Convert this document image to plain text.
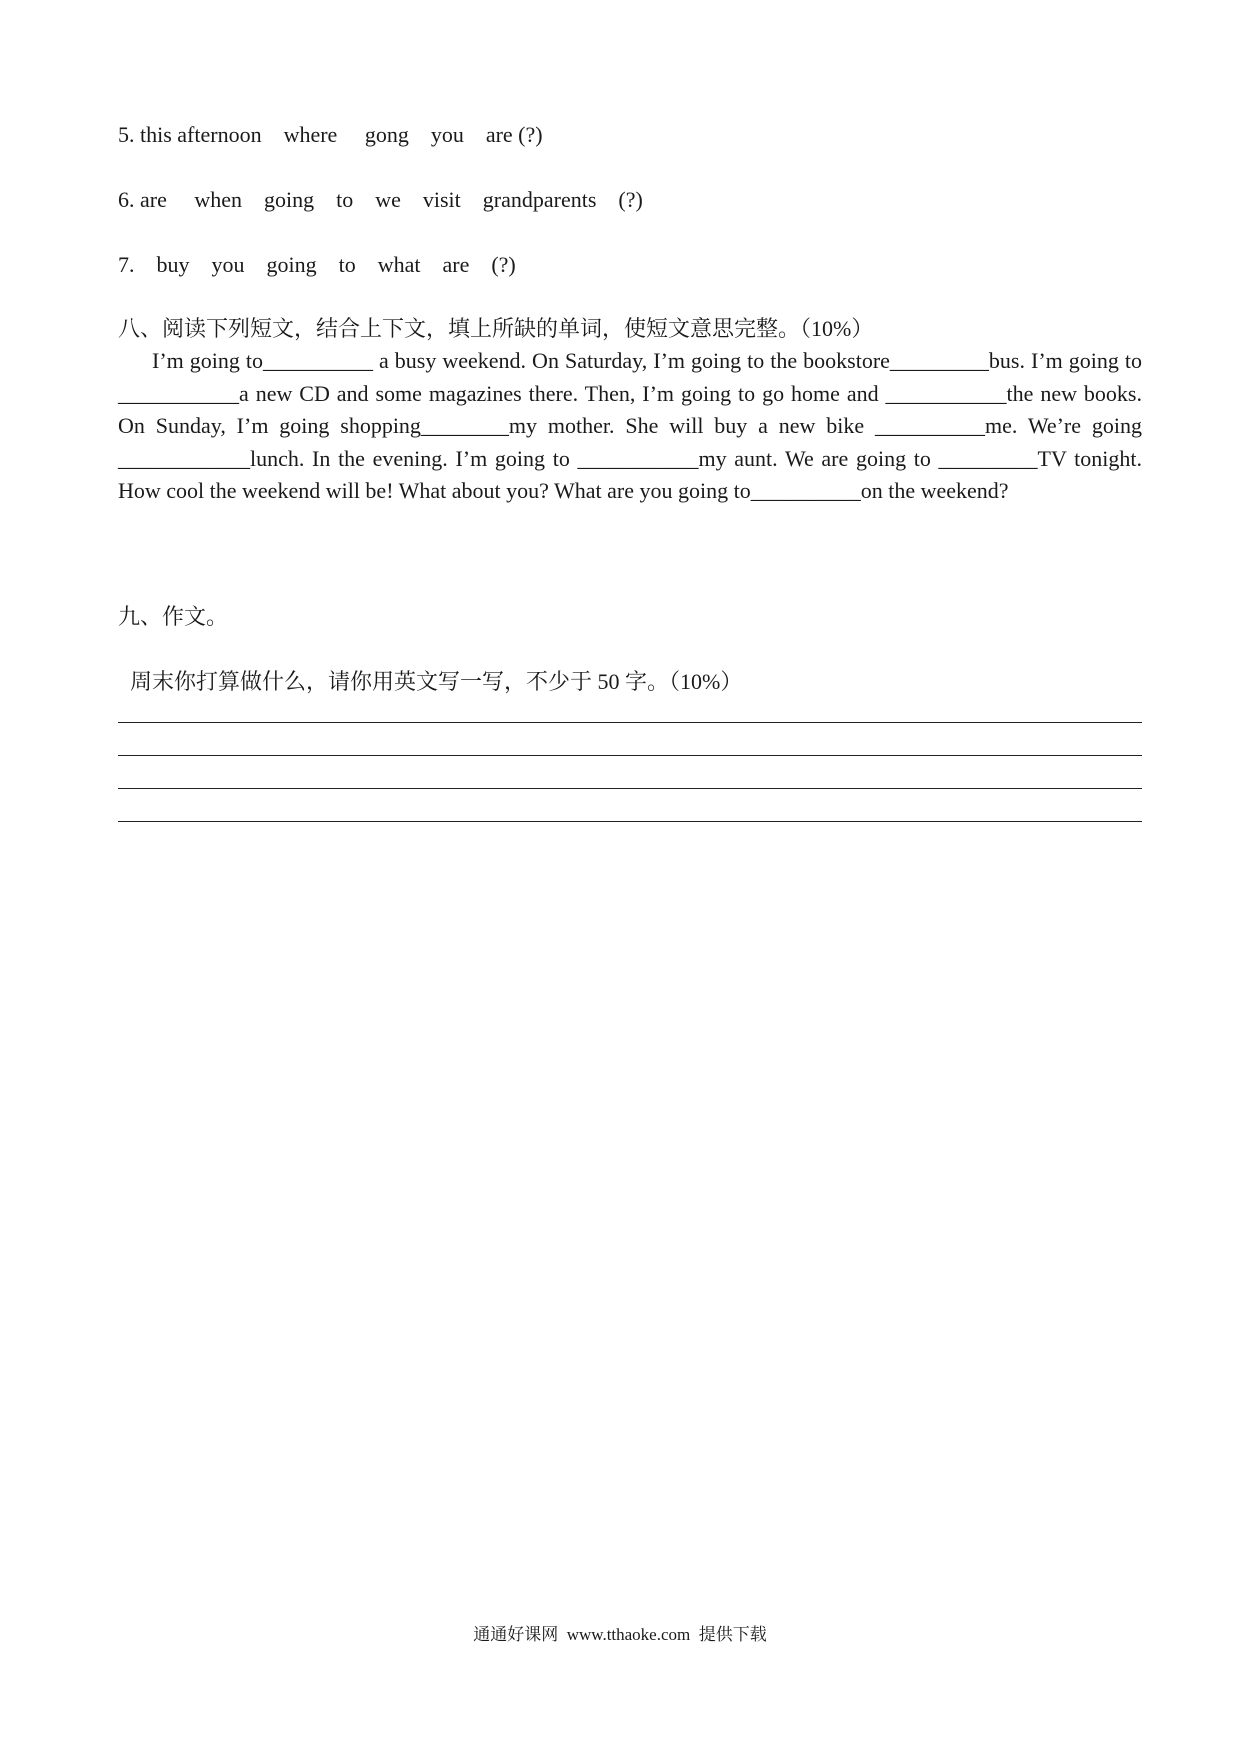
5. this afternoon    where     gong    you    are (?)
6. are     when    going    to    we    visit    grandparents    (?)
7.    buy    you    going    to    what    are    (?)
八、阅读下列短文，结合上下文，填上所缺的单词，使短文意思完整。（10%）

I’m going to__________ a busy weekend. On Saturday, I’m going to the bookstore_________bus. I’m going to ___________a new CD and some magazines there. Then, I’m going to go home and ___________the new books. On Sunday, I’m going shopping________my mother. She will buy a new bike __________me. We’re going ____________lunch. In the evening. I’m going to ___________my aunt. We are going to _________TV tonight. How cool the weekend will be! What about you? What are you going to__________on the weekend?

九、作文。
周末你打算做什么，请你用英文写一写，不少于 50 字。（10%）
通通好课网  www.tthaoke.com  提供下载
